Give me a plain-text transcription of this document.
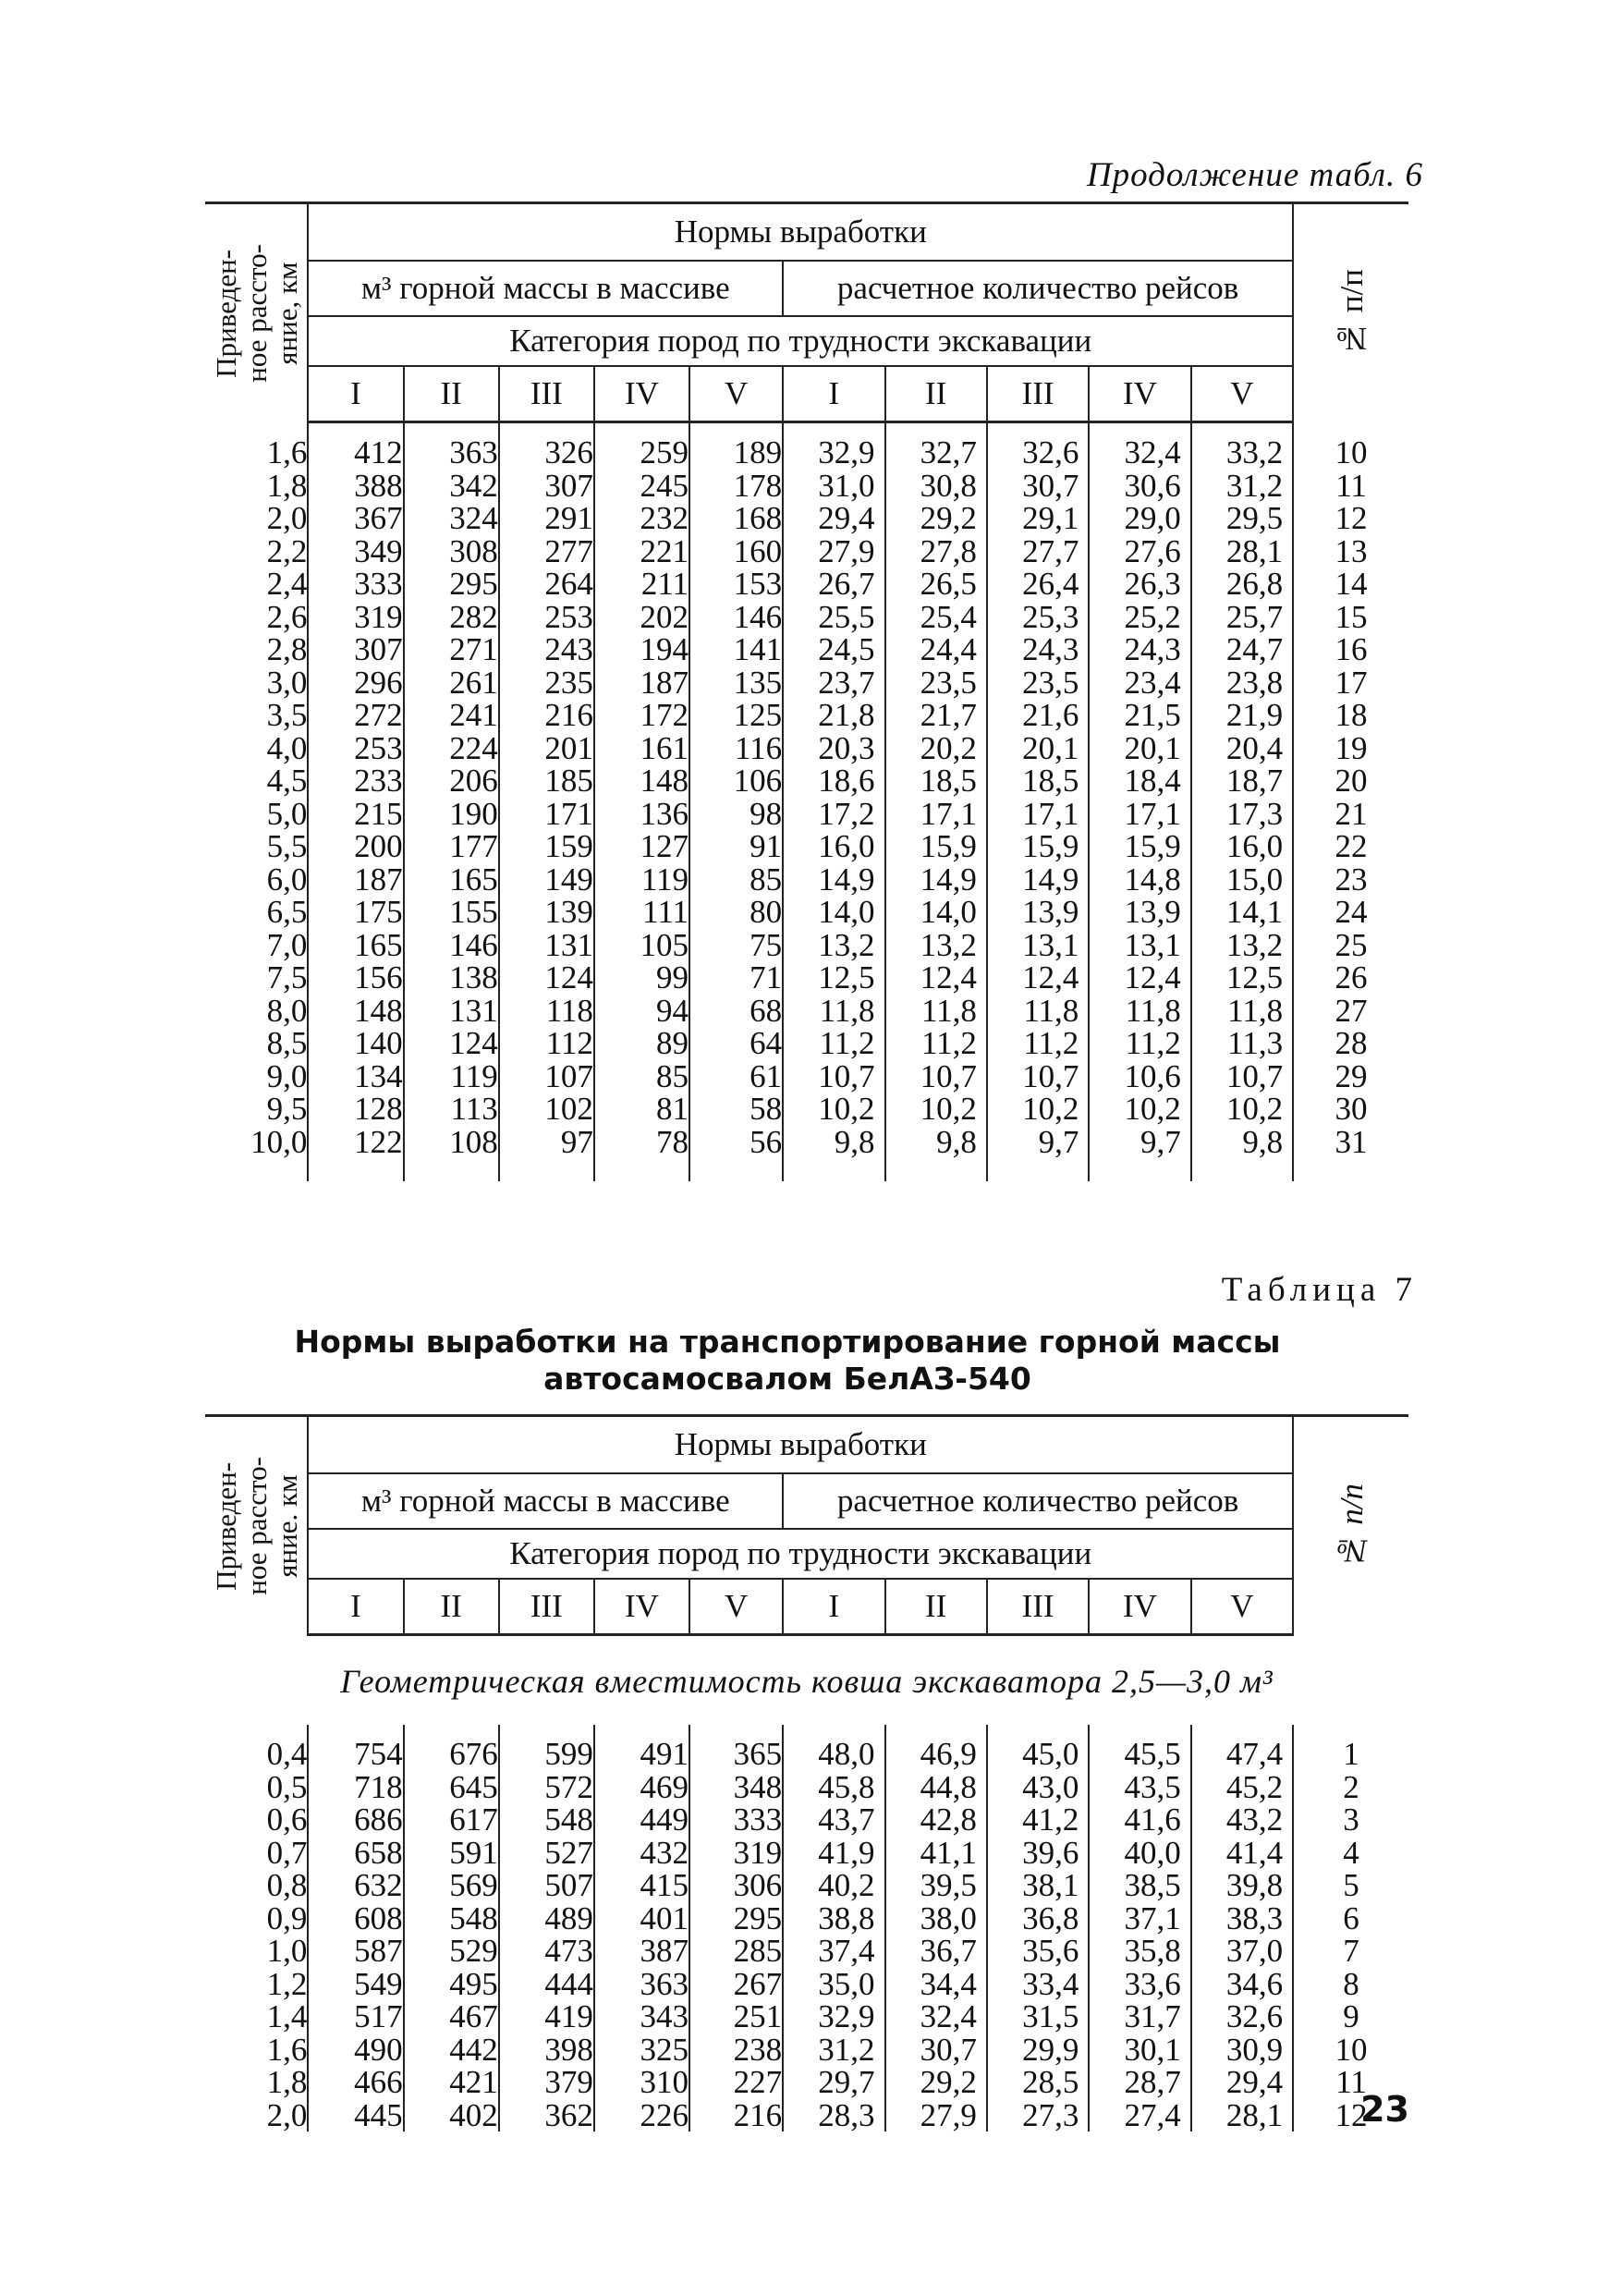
Продолжение табл. 6
Приведен-
ное рассто-
яние, км	Нормы выработки										№ п/п

	м³ горной массы в массиве					расчетное количество рейсов					
	Категория пород по трудности экскавации										
	I	II	III	IV	V	I	II	III	IV	V	
1,6	412	363	326	259	189	32,9	32,7	32,6	32,4	33,2	10
1,8	388	342	307	245	178	31,0	30,8	30,7	30,6	31,2	11
2,0	367	324	291	232	168	29,4	29,2	29,1	29,0	29,5	12
2,2	349	308	277	221	160	27,9	27,8	27,7	27,6	28,1	13
2,4	333	295	264	211	153	26,7	26,5	26,4	26,3	26,8	14
2,6	319	282	253	202	146	25,5	25,4	25,3	25,2	25,7	15
2,8	307	271	243	194	141	24,5	24,4	24,3	24,3	24,7	16
3,0	296	261	235	187	135	23,7	23,5	23,5	23,4	23,8	17
3,5	272	241	216	172	125	21,8	21,7	21,6	21,5	21,9	18
4,0	253	224	201	161	116	20,3	20,2	20,1	20,1	20,4	19
4,5	233	206	185	148	106	18,6	18,5	18,5	18,4	18,7	20
5,0	215	190	171	136	98	17,2	17,1	17,1	17,1	17,3	21
5,5	200	177	159	127	91	16,0	15,9	15,9	15,9	16,0	22
6,0	187	165	149	119	85	14,9	14,9	14,9	14,8	15,0	23
6,5	175	155	139	111	80	14,0	14,0	13,9	13,9	14,1	24
7,0	165	146	131	105	75	13,2	13,2	13,1	13,1	13,2	25
7,5	156	138	124	99	71	12,5	12,4	12,4	12,4	12,5	26
8,0	148	131	118	94	68	11,8	11,8	11,8	11,8	11,8	27
8,5	140	124	112	89	64	11,2	11,2	11,2	11,2	11,3	28
9,0	134	119	107	85	61	10,7	10,7	10,7	10,6	10,7	29
9,5	128	113	102	81	58	10,2	10,2	10,2	10,2	10,2	30
10,0	122	108	97	78	56	9,8	9,8	9,7	9,7	9,8	31
Таблица 7
Нормы выработки на транспортирование горной массы
автосамосвалом БелАЗ-540
Приведен-
ное рассто-
яние. км	Нормы выработки										№ п/п

	м³ горной массы в массиве					расчетное количество рейсов					
	Категория пород по трудности экскавации										
	I	II	III	IV	V	I	II	III	IV	V	
Геометрическая вместимость ковша экскаватора 2,5—3,0 м³
0,4	754	676	599	491	365	48,0	46,9	45,0	45,5	47,4	1
0,5	718	645	572	469	348	45,8	44,8	43,0	43,5	45,2	2
0,6	686	617	548	449	333	43,7	42,8	41,2	41,6	43,2	3
0,7	658	591	527	432	319	41,9	41,1	39,6	40,0	41,4	4
0,8	632	569	507	415	306	40,2	39,5	38,1	38,5	39,8	5
0,9	608	548	489	401	295	38,8	38,0	36,8	37,1	38,3	6
1,0	587	529	473	387	285	37,4	36,7	35,6	35,8	37,0	7
1,2	549	495	444	363	267	35,0	34,4	33,4	33,6	34,6	8
1,4	517	467	419	343	251	32,9	32,4	31,5	31,7	32,6	9
1,6	490	442	398	325	238	31,2	30,7	29,9	30,1	30,9	10
1,8	466	421	379	310	227	29,7	29,2	28,5	28,7	29,4	11
2,0	445	402	362	226	216	28,3	27,9	27,3	27,4	28,1	12
23
